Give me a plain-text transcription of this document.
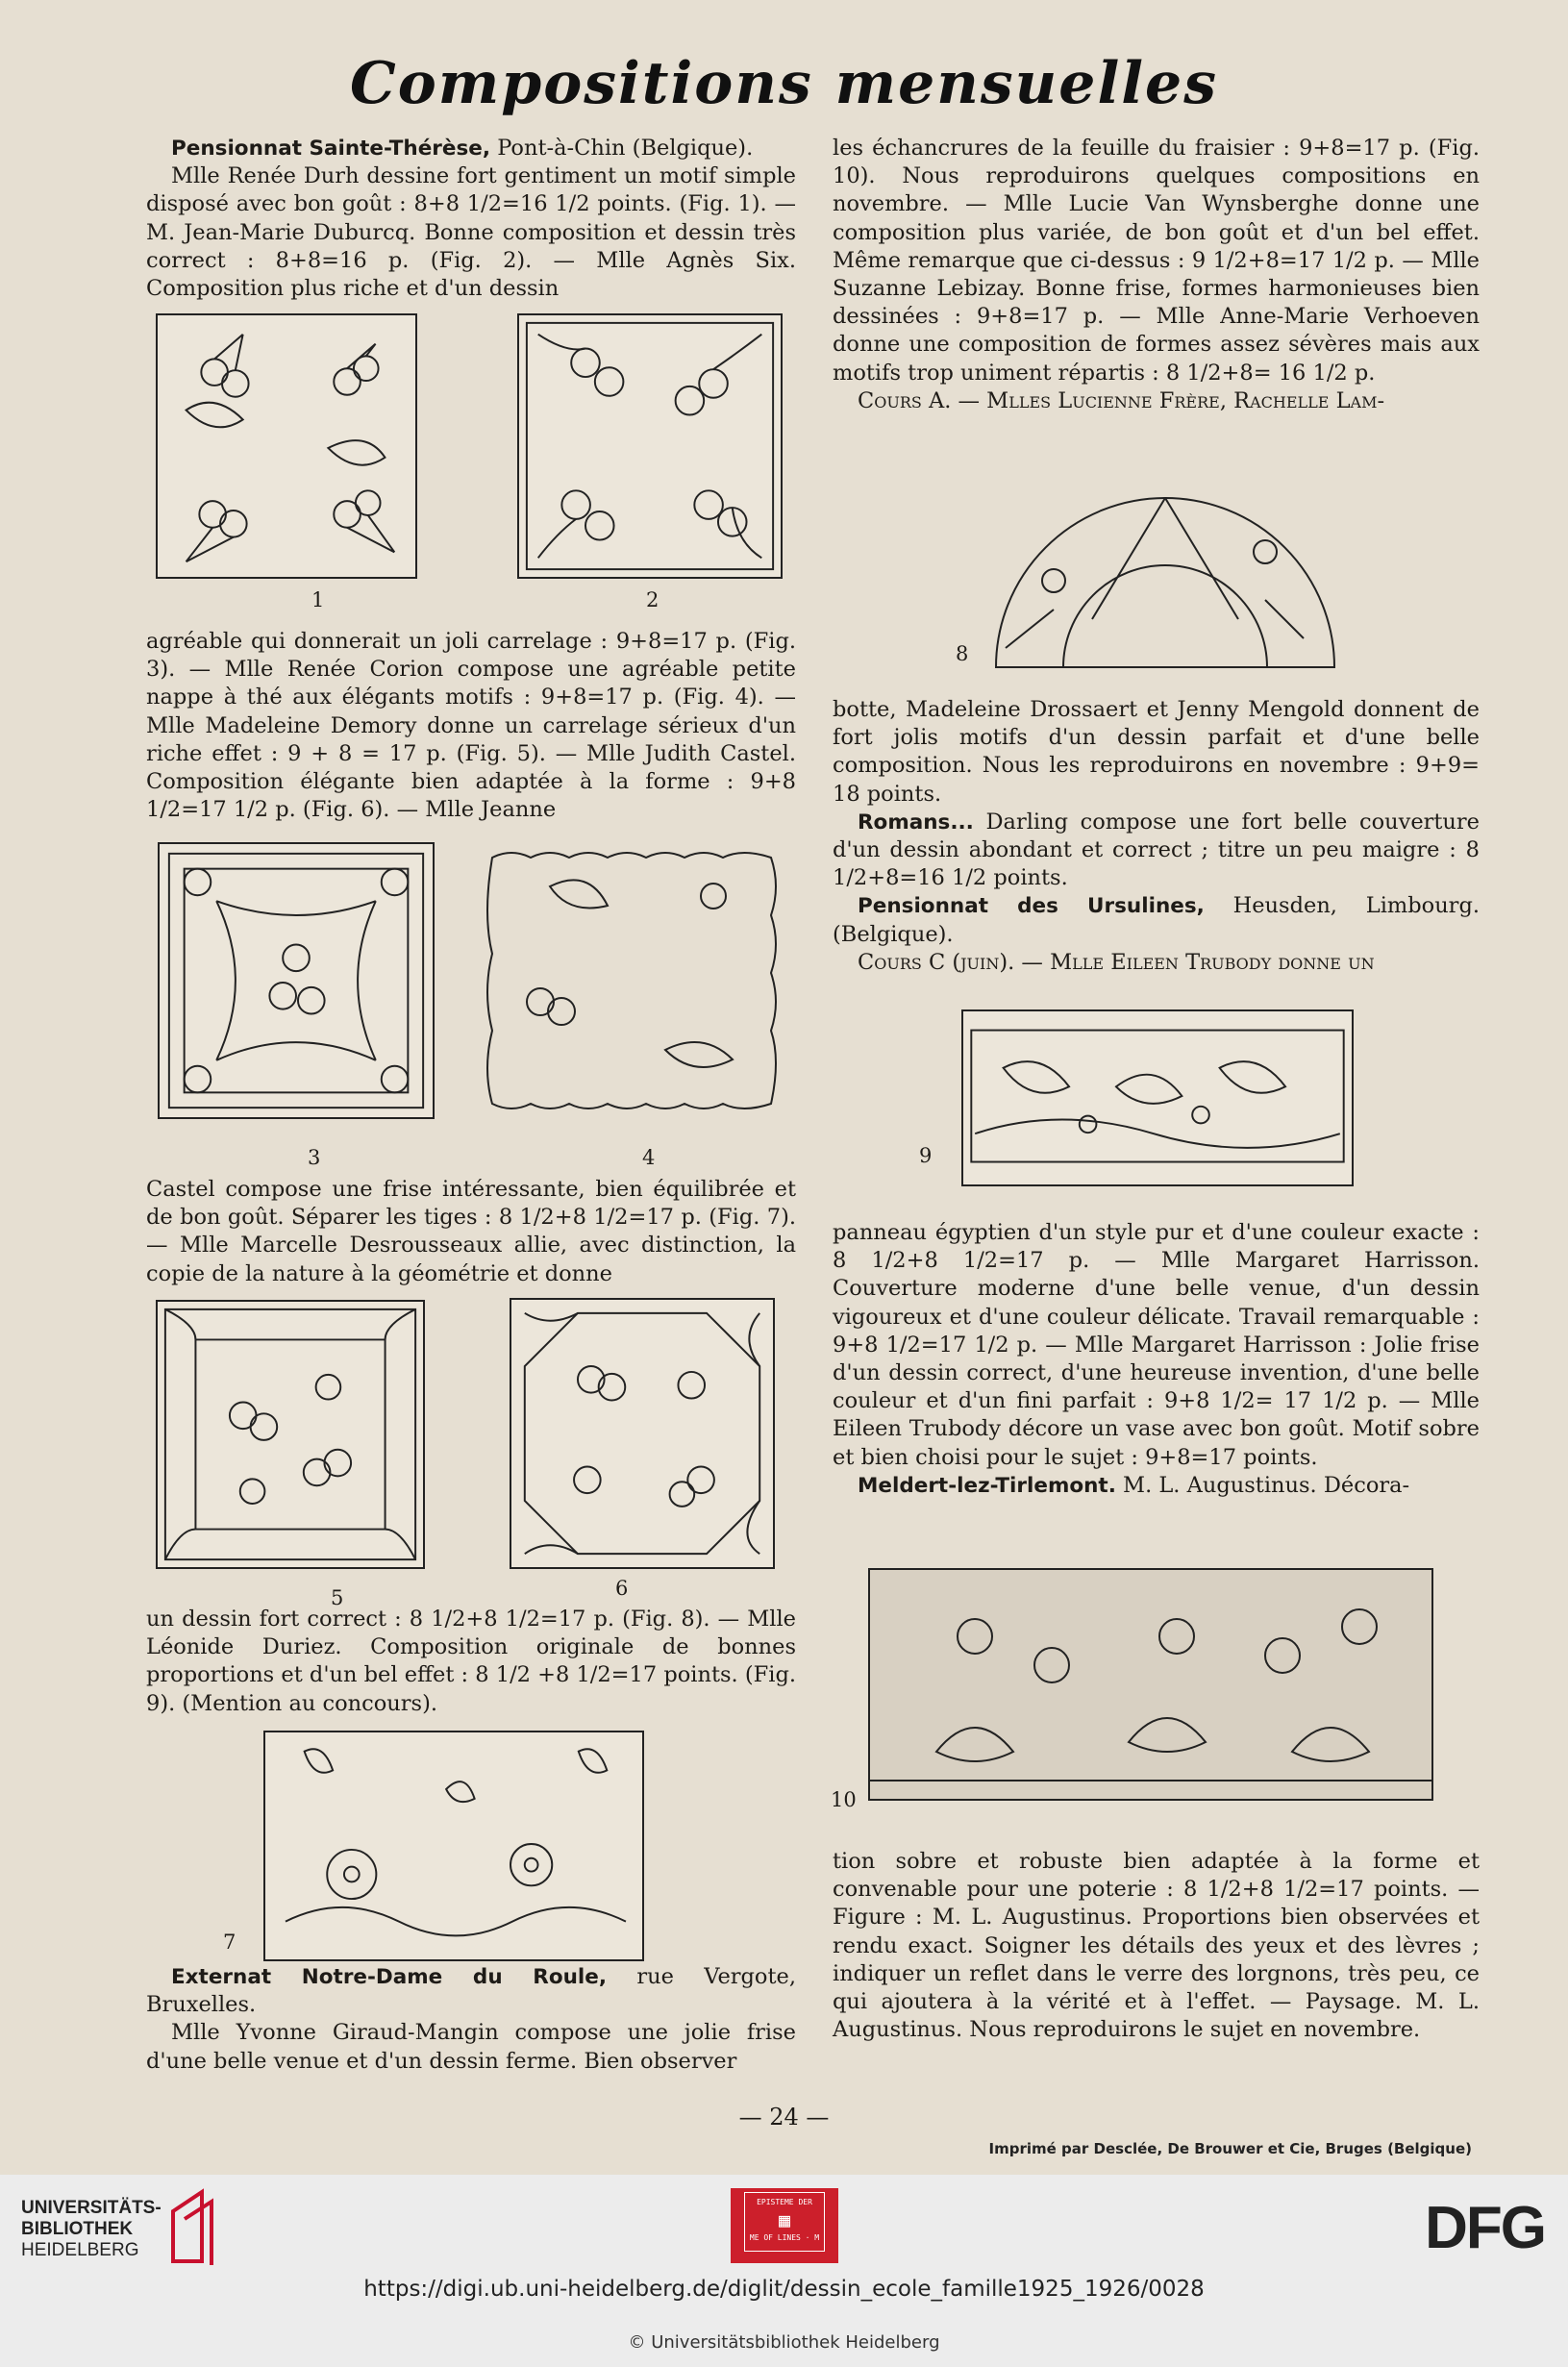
Compositions mensuelles

Pensionnat Sainte-Thérèse, Pont-à-Chin (Belgique).

Mlle Renée Durh dessine fort gentiment un motif simple disposé avec bon goût : 8+8 1/2=16 1/2 points. (Fig. 1). — M. Jean-Marie Duburcq. Bonne composition et dessin très correct : 8+8=16 p. (Fig. 2). — Mlle Agnès Six. Composition plus riche et d'un dessin

agréable qui donnerait un joli carrelage : 9+8=17 p. (Fig. 3). — Mlle Renée Corion compose une agréable petite nappe à thé aux élégants motifs : 9+8=17 p. (Fig. 4). — Mlle Madeleine Demory donne un carrelage sérieux d'un riche effet : 9 + 8 = 17 p. (Fig. 5). — Mlle Judith Castel. Composition élégante bien adaptée à la forme : 9+8 1/2=17 1/2 p. (Fig. 6). — Mlle Jeanne

Castel compose une frise intéressante, bien équilibrée et de bon goût. Séparer les tiges : 8 1/2+8 1/2=17 p. (Fig. 7). — Mlle Marcelle Desrousseaux allie, avec distinction, la copie de la nature à la géométrie et donne

un dessin fort correct : 8 1/2+8 1/2=17 p. (Fig. 8). — Mlle Léonide Duriez. Composition originale de bonnes proportions et d'un bel effet : 8 1/2 +8 1/2=17 points. (Fig. 9). (Mention au concours).

Externat Notre-Dame du Roule, rue Vergote, Bruxelles.

Mlle Yvonne Giraud-Mangin compose une jolie frise d'une belle venue et d'un dessin ferme. Bien observer

les échancrures de la feuille du fraisier : 9+8=17 p. (Fig. 10). Nous reproduirons quelques compositions en novembre. — Mlle Lucie Van Wynsberghe donne une composition plus variée, de bon goût et d'un bel effet. Même remarque que ci-dessus : 9 1/2+8=17 1/2 p. — Mlle Suzanne Lebizay. Bonne frise, formes harmonieuses bien dessinées : 9+8=17 p. — Mlle Anne-Marie Verhoeven donne une composition de formes assez sévères mais aux motifs trop uniment répartis : 8 1/2+8= 16 1/2 p.

Cours A. — Mlles Lucienne Frère, Rachelle Lam-

botte, Madeleine Drossaert et Jenny Mengold donnent de fort jolis motifs d'un dessin parfait et d'une belle composition. Nous les reproduirons en novembre : 9+9= 18 points.

Romans... Darling compose une fort belle couverture d'un dessin abondant et correct ; titre un peu maigre : 8 1/2+8=16 1/2 points.

Pensionnat des Ursulines, Heusden, Limbourg. (Belgique).

Cours C (juin). — Mlle Eileen Trubody donne un

panneau égyptien d'un style pur et d'une couleur exacte : 8 1/2+8 1/2=17 p. — Mlle Margaret Harrisson. Couverture moderne d'une belle venue, d'un dessin vigoureux et d'une couleur délicate. Travail remarquable : 9+8 1/2=17 1/2 p. — Mlle Margaret Harrisson : Jolie frise d'un dessin correct, d'une heureuse invention, d'une belle couleur et d'un fini parfait : 9+8 1/2= 17 1/2 p. — Mlle Eileen Trubody décore un vase avec bon goût. Motif sobre et bien choisi pour le sujet : 9+8=17 points.

Meldert-lez-Tirlemont. M. L. Augustinus. Décora-

tion sobre et robuste bien adaptée à la forme et convenable pour une poterie : 8 1/2+8 1/2=17 points. — Figure : M. L. Augustinus. Proportions bien observées et rendu exact. Soigner les détails des yeux et des lèvres ; indiquer un reflet dans le verre des lorgnons, très peu, ce qui ajoutera à la vérité et à l'effet. — Paysage. M. L. Augustinus. Nous reproduirons le sujet en novembre.

1	2
3	4
5	6
7
8
9
10
— 24 —
Imprimé par Desclée, De Brouwer et Cie, Bruges (Belgique)
UNIVERSITÄTS-
BIBLIOTHEK
HEIDELBERG
EPISTEME DER
▦
ME OF LINES · M	DFG
https://digi.ub.uni-heidelberg.de/diglit/dessin_ecole_famille1925_1926/0028
© Universitätsbibliothek Heidelberg
